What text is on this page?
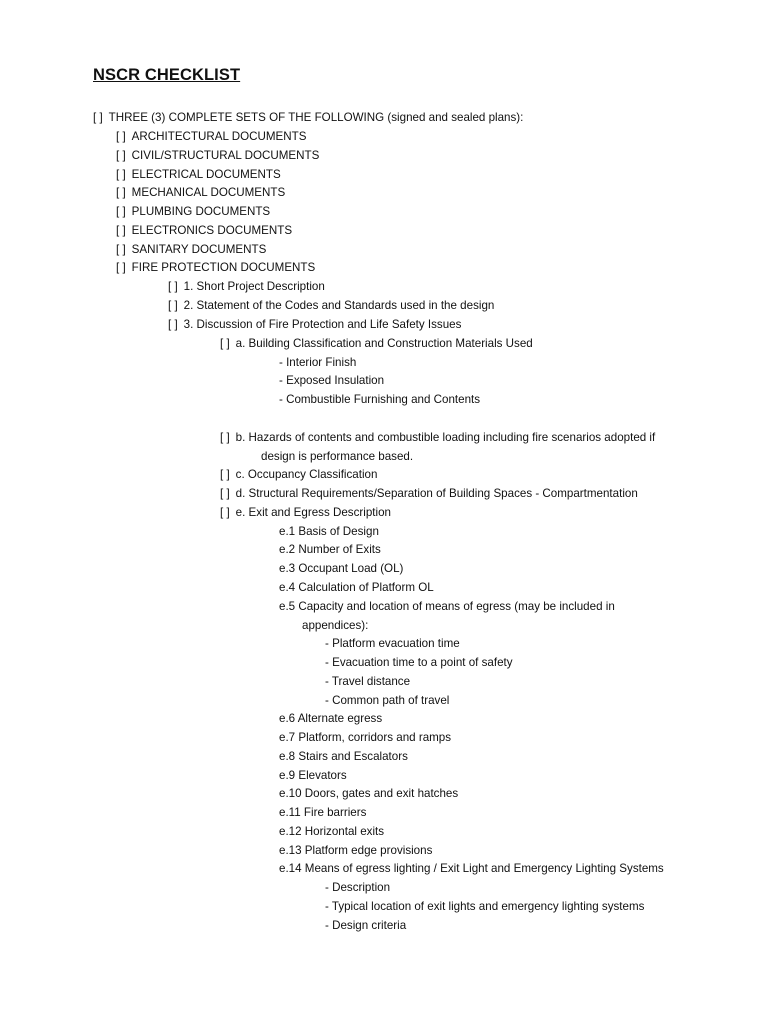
NSCR CHECKLIST
[ ] THREE (3) COMPLETE SETS OF THE FOLLOWING (signed and sealed plans):
[ ] ARCHITECTURAL DOCUMENTS
[ ] CIVIL/STRUCTURAL DOCUMENTS
[ ] ELECTRICAL DOCUMENTS
[ ] MECHANICAL DOCUMENTS
[ ] PLUMBING DOCUMENTS
[ ] ELECTRONICS DOCUMENTS
[ ] SANITARY DOCUMENTS
[ ] FIRE PROTECTION DOCUMENTS
[ ] 1. Short Project Description
[ ] 2. Statement of the Codes and Standards used in the design
[ ] 3. Discussion of Fire Protection and Life Safety Issues
[ ] a. Building Classification and Construction Materials Used
- Interior Finish
- Exposed Insulation
- Combustible Furnishing and Contents
[ ] b. Hazards of contents and combustible loading including fire scenarios adopted if
design is performance based.
[ ] c. Occupancy Classification
[ ] d. Structural Requirements/Separation of Building Spaces - Compartmentation
[ ] e. Exit and Egress Description
e.1 Basis of Design
e.2 Number of Exits
e.3 Occupant Load (OL)
e.4 Calculation of Platform OL
e.5 Capacity and location of means of egress (may be included in
appendices):
- Platform evacuation time
- Evacuation time to a point of safety
- Travel distance
- Common path of travel
e.6 Alternate egress
e.7 Platform, corridors and ramps
e.8 Stairs and Escalators
e.9 Elevators
e.10 Doors, gates and exit hatches
e.11 Fire barriers
e.12 Horizontal exits
e.13 Platform edge provisions
e.14 Means of egress lighting / Exit Light and Emergency Lighting Systems
- Description
- Typical location of exit lights and emergency lighting systems
- Design criteria
